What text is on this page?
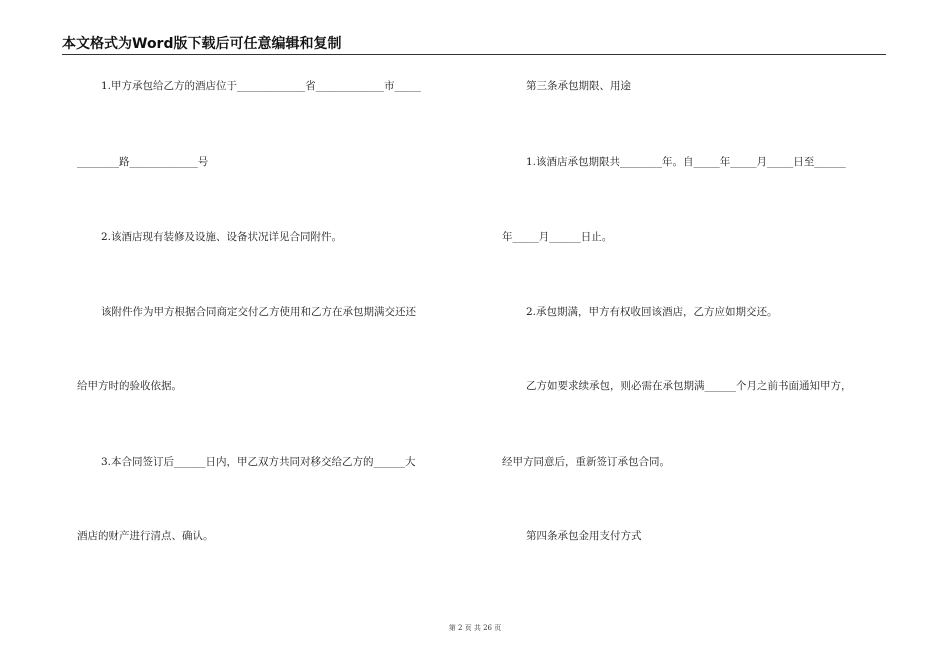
本文格式为Word版下载后可任意编辑和复制
1.甲方承包给乙方的酒店位于_____________省_____________市_____
________路_____________号
2.该酒店现有装修及设施、设备状况详见合同附件。
该附件作为甲方根据合同商定交付乙方使用和乙方在承包期满交还还
给甲方时的验收依据。
3.本合同签订后______日内，甲乙双方共同对移交给乙方的______大
酒店的财产进行清点、确认。
第三条承包期限、用途
1.该酒店承包期限共________年。自_____年_____月_____日至______
年_____月______日止。
2.承包期满，甲方有权收回该酒店，乙方应如期交还。
乙方如要求续承包，则必需在承包期满______个月之前书面通知甲方，
经甲方同意后，重新签订承包合同。
第四条承包金用支付方式
第 2 页 共 26 页
